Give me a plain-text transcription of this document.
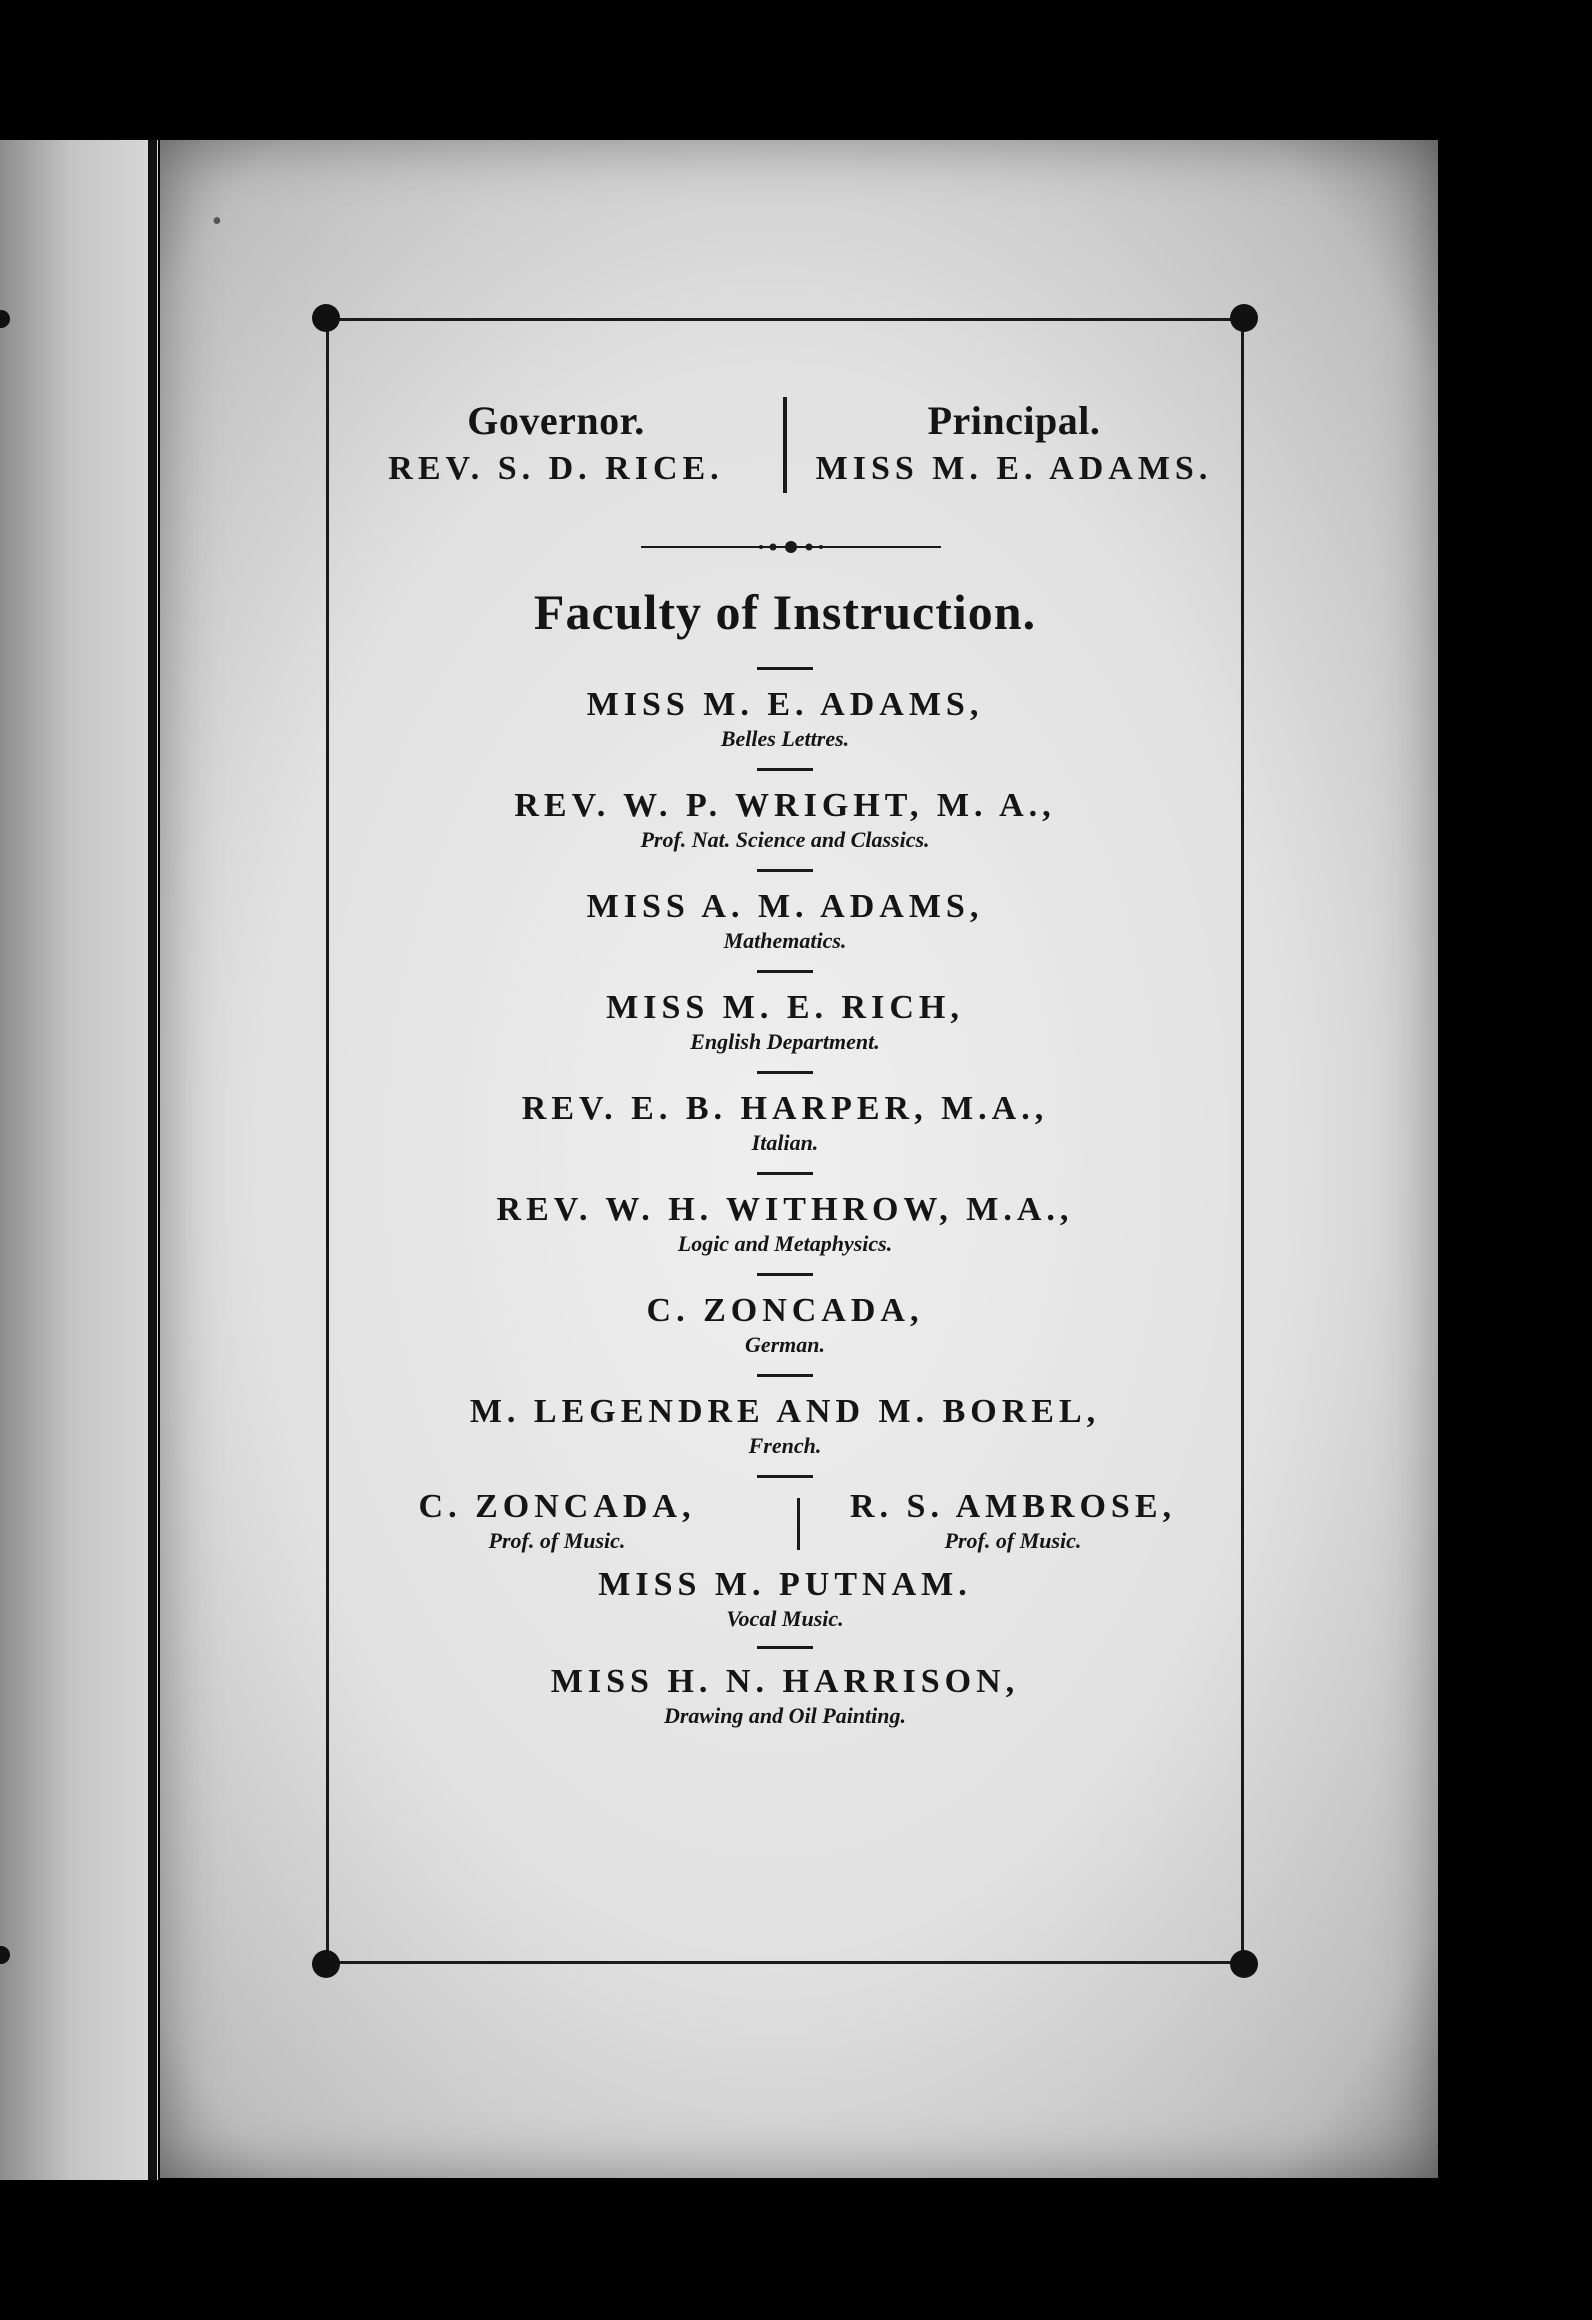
•
Governor.
REV. S. D. RICE.
Principal.
MISS M. E. ADAMS.
Faculty of Instruction.
MISS M. E. ADAMS,
Belles Lettres.
REV. W. P. WRIGHT, M. A.,
Prof. Nat. Science and Classics.
MISS A. M. ADAMS,
Mathematics.
MISS M. E. RICH,
English Department.
REV. E. B. HARPER, M.A.,
Italian.
REV. W. H. WITHROW, M.A.,
Logic and Metaphysics.
C. ZONCADA,
German.
M. LEGENDRE AND M. BOREL,
French.
C. ZONCADA,
Prof. of Music.
R. S. AMBROSE,
Prof. of Music.
MISS M. PUTNAM.
Vocal Music.
MISS H. N. HARRISON,
Drawing and Oil Painting.
